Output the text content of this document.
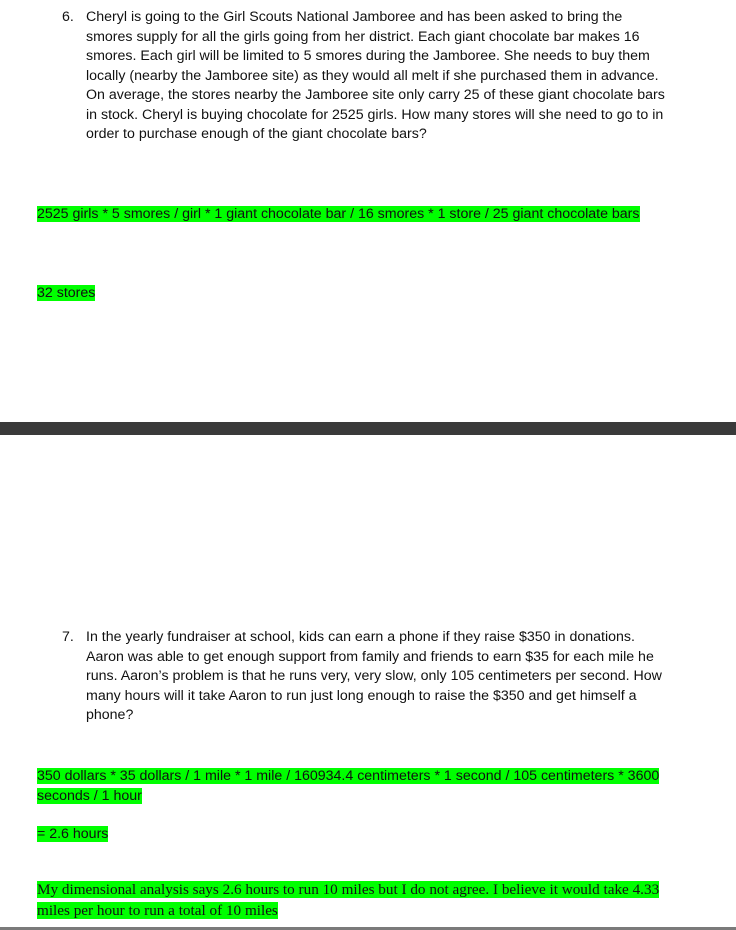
6. Cheryl is going to the Girl Scouts National Jamboree and has been asked to bring the smores supply for all the girls going from her district. Each giant chocolate bar makes 16 smores. Each girl will be limited to 5 smores during the Jamboree. She needs to buy them locally (nearby the Jamboree site) as they would all melt if she purchased them in advance. On average, the stores nearby the Jamboree site only carry 25 of these giant chocolate bars in stock. Cheryl is buying chocolate for 2525 girls. How many stores will she need to go to in order to purchase enough of the giant chocolate bars?
2525 girls * 5 smores / girl * 1 giant chocolate bar / 16 smores * 1 store / 25 giant chocolate bars
32 stores
7. In the yearly fundraiser at school, kids can earn a phone if they raise $350 in donations. Aaron was able to get enough support from family and friends to earn $35 for each mile he runs. Aaron’s problem is that he runs very, very slow, only 105 centimeters per second. How many hours will it take Aaron to run just long enough to raise the $350 and get himself a phone?
350 dollars * 35 dollars / 1 mile * 1 mile / 160934.4 centimeters * 1 second / 105 centimeters * 3600 seconds / 1 hour
= 2.6 hours
My dimensional analysis says 2.6 hours to run 10 miles but I do not agree. I believe it would take 4.33 miles per hour to run a total of 10 miles
